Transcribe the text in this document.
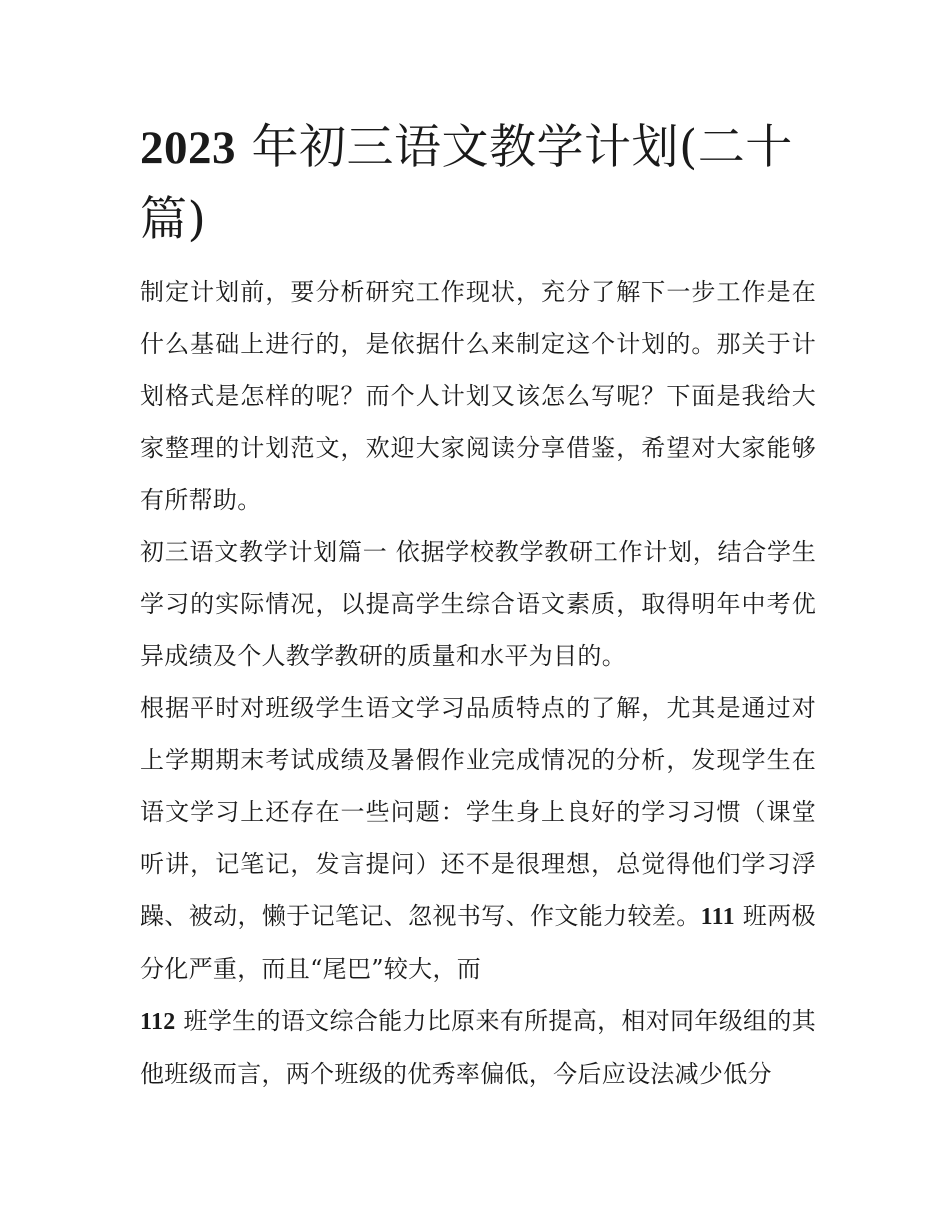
2023 年初三语文教学计划(二十篇)

制定计划前，要分析研究工作现状，充分了解下一步工作是在什么基础上进行的，是依据什么来制定这个计划的。那关于计划格式是怎样的呢？而个人计划又该怎么写呢？下面是我给大家整理的计划范文，欢迎大家阅读分享借鉴，希望对大家能够有所帮助。

初三语文教学计划篇一 依据学校教学教研工作计划，结合学生学习的实际情况，以提高学生综合语文素质，取得明年中考优异成绩及个人教学教研的质量和水平为目的。

根据平时对班级学生语文学习品质特点的了解，尤其是通过对上学期期末考试成绩及暑假作业完成情况的分析，发现学生在语文学习上还存在一些问题：学生身上良好的学习习惯（课堂听讲，记笔记，发言提问）还不是很理想，总觉得他们学习浮躁、被动，懒于记笔记、忽视书写、作文能力较差。111 班两极分化严重，而且“尾巴”较大，而

112 班学生的语文综合能力比原来有所提高，相对同年级组的其他班级而言，两个班级的优秀率偏低，今后应设法减少低分
